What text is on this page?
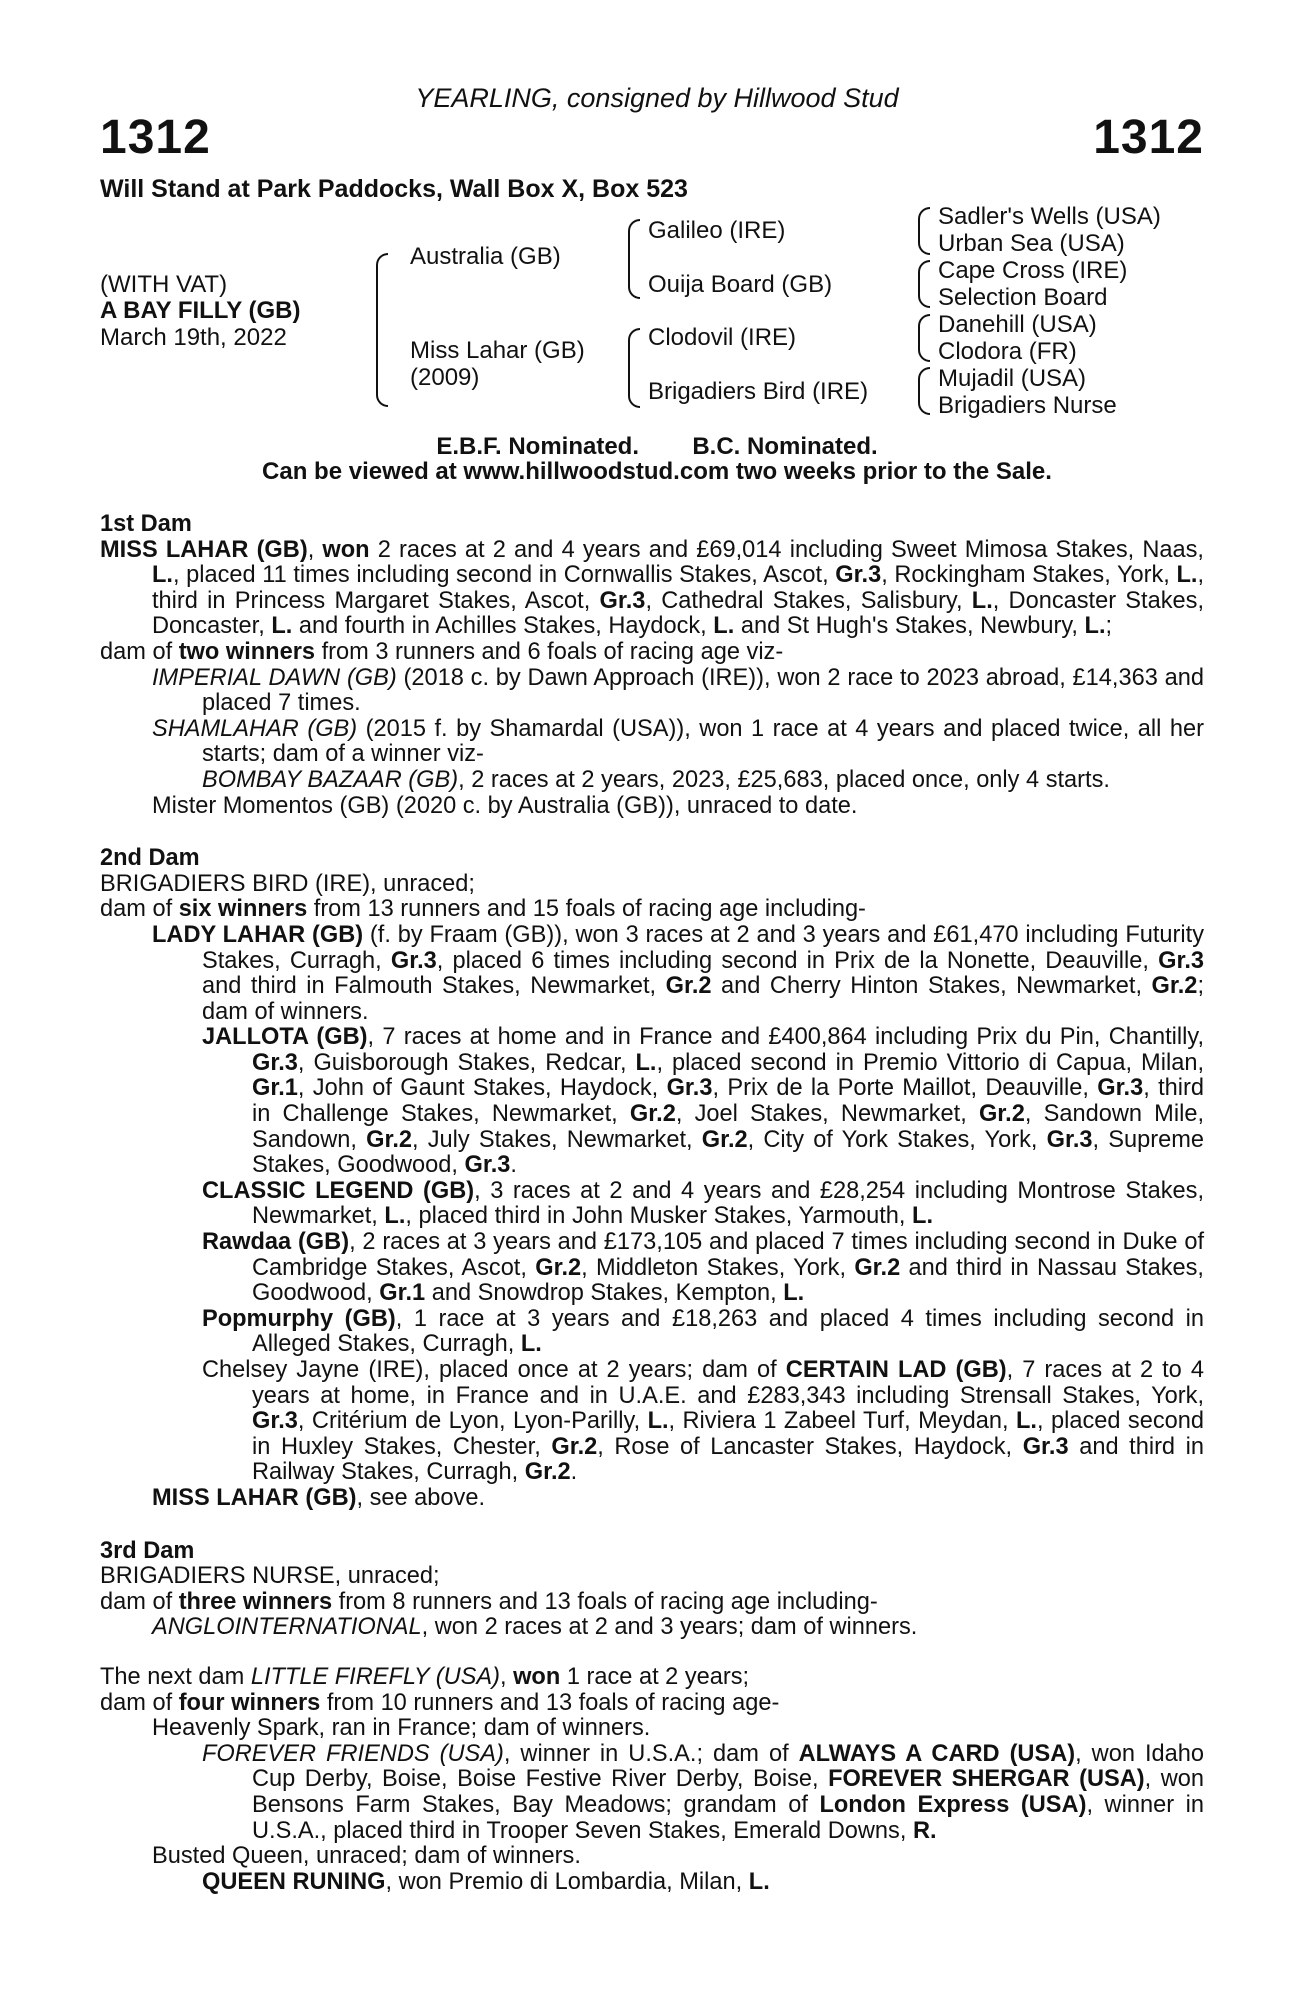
YEARLING, consigned by Hillwood Stud
1312	1312
Will Stand at Park Paddocks, Wall Box X, Box 523
(WITH VAT)
A BAY FILLY (GB)
March 19th, 2022
Australia (GB)
Miss Lahar (GB)
(2009)
Galileo (IRE)
Ouija Board (GB)
Clodovil (IRE)
Brigadiers Bird (IRE)
Sadler's Wells (USA)
Urban Sea (USA)
Cape Cross (IRE)
Selection Board
Danehill (USA)
Clodora (FR)
Mujadil (USA)
Brigadiers Nurse
E.B.F. Nominated.        B.C. Nominated.
Can be viewed at www.hillwoodstud.com two weeks prior to the Sale.
1st Dam
MISS LAHAR (GB), won 2 races at 2 and 4 years and £69,014 including Sweet Mimosa Stakes, Naas, L., placed 11 times including second in Cornwallis Stakes, Ascot, Gr.3, Rockingham Stakes, York, L., third in Princess Margaret Stakes, Ascot, Gr.3, Cathedral Stakes, Salisbury, L., Doncaster Stakes, Doncaster, L. and fourth in Achilles Stakes, Haydock, L. and St Hugh's Stakes, Newbury, L.;
dam of two winners from 3 runners and 6 foals of racing age viz-
IMPERIAL DAWN (GB) (2018 c. by Dawn Approach (IRE)), won 2 race to 2023 abroad, £14,363 and placed 7 times.
SHAMLAHAR (GB) (2015 f. by Shamardal (USA)), won 1 race at 4 years and placed twice, all her starts; dam of a winner viz-
BOMBAY BAZAAR (GB), 2 races at 2 years, 2023, £25,683, placed once, only 4 starts.
Mister Momentos (GB) (2020 c. by Australia (GB)), unraced to date.
2nd Dam
BRIGADIERS BIRD (IRE), unraced;
dam of six winners from 13 runners and 15 foals of racing age including-
LADY LAHAR (GB) (f. by Fraam (GB)), won 3 races at 2 and 3 years and £61,470 including Futurity Stakes, Curragh, Gr.3, placed 6 times including second in Prix de la Nonette, Deauville, Gr.3 and third in Falmouth Stakes, Newmarket, Gr.2 and Cherry Hinton Stakes, Newmarket, Gr.2; dam of winners.
JALLOTA (GB), 7 races at home and in France and £400,864 including Prix du Pin, Chantilly, Gr.3, Guisborough Stakes, Redcar, L., placed second in Premio Vittorio di Capua, Milan, Gr.1, John of Gaunt Stakes, Haydock, Gr.3, Prix de la Porte Maillot, Deauville, Gr.3, third in Challenge Stakes, Newmarket, Gr.2, Joel Stakes, Newmarket, Gr.2, Sandown Mile, Sandown, Gr.2, July Stakes, Newmarket, Gr.2, City of York Stakes, York, Gr.3, Supreme Stakes, Goodwood, Gr.3.
CLASSIC LEGEND (GB), 3 races at 2 and 4 years and £28,254 including Montrose Stakes, Newmarket, L., placed third in John Musker Stakes, Yarmouth, L.
Rawdaa (GB), 2 races at 3 years and £173,105 and placed 7 times including second in Duke of Cambridge Stakes, Ascot, Gr.2, Middleton Stakes, York, Gr.2 and third in Nassau Stakes, Goodwood, Gr.1 and Snowdrop Stakes, Kempton, L.
Popmurphy (GB), 1 race at 3 years and £18,263 and placed 4 times including second in Alleged Stakes, Curragh, L.
Chelsey Jayne (IRE), placed once at 2 years; dam of CERTAIN LAD (GB), 7 races at 2 to 4 years at home, in France and in U.A.E. and £283,343 including Strensall Stakes, York, Gr.3, Critérium de Lyon, Lyon-Parilly, L., Riviera 1 Zabeel Turf, Meydan, L., placed second in Huxley Stakes, Chester, Gr.2, Rose of Lancaster Stakes, Haydock, Gr.3 and third in Railway Stakes, Curragh, Gr.2.
MISS LAHAR (GB), see above.
3rd Dam
BRIGADIERS NURSE, unraced;
dam of three winners from 8 runners and 13 foals of racing age including-
ANGLOINTERNATIONAL, won 2 races at 2 and 3 years; dam of winners.
The next dam LITTLE FIREFLY (USA), won 1 race at 2 years;
dam of four winners from 10 runners and 13 foals of racing age-
Heavenly Spark, ran in France; dam of winners.
FOREVER FRIENDS (USA), winner in U.S.A.; dam of ALWAYS A CARD (USA), won Idaho Cup Derby, Boise, Boise Festive River Derby, Boise, FOREVER SHERGAR (USA), won Bensons Farm Stakes, Bay Meadows; grandam of London Express (USA), winner in U.S.A., placed third in Trooper Seven Stakes, Emerald Downs, R.
Busted Queen, unraced; dam of winners.
QUEEN RUNING, won Premio di Lombardia, Milan, L.
